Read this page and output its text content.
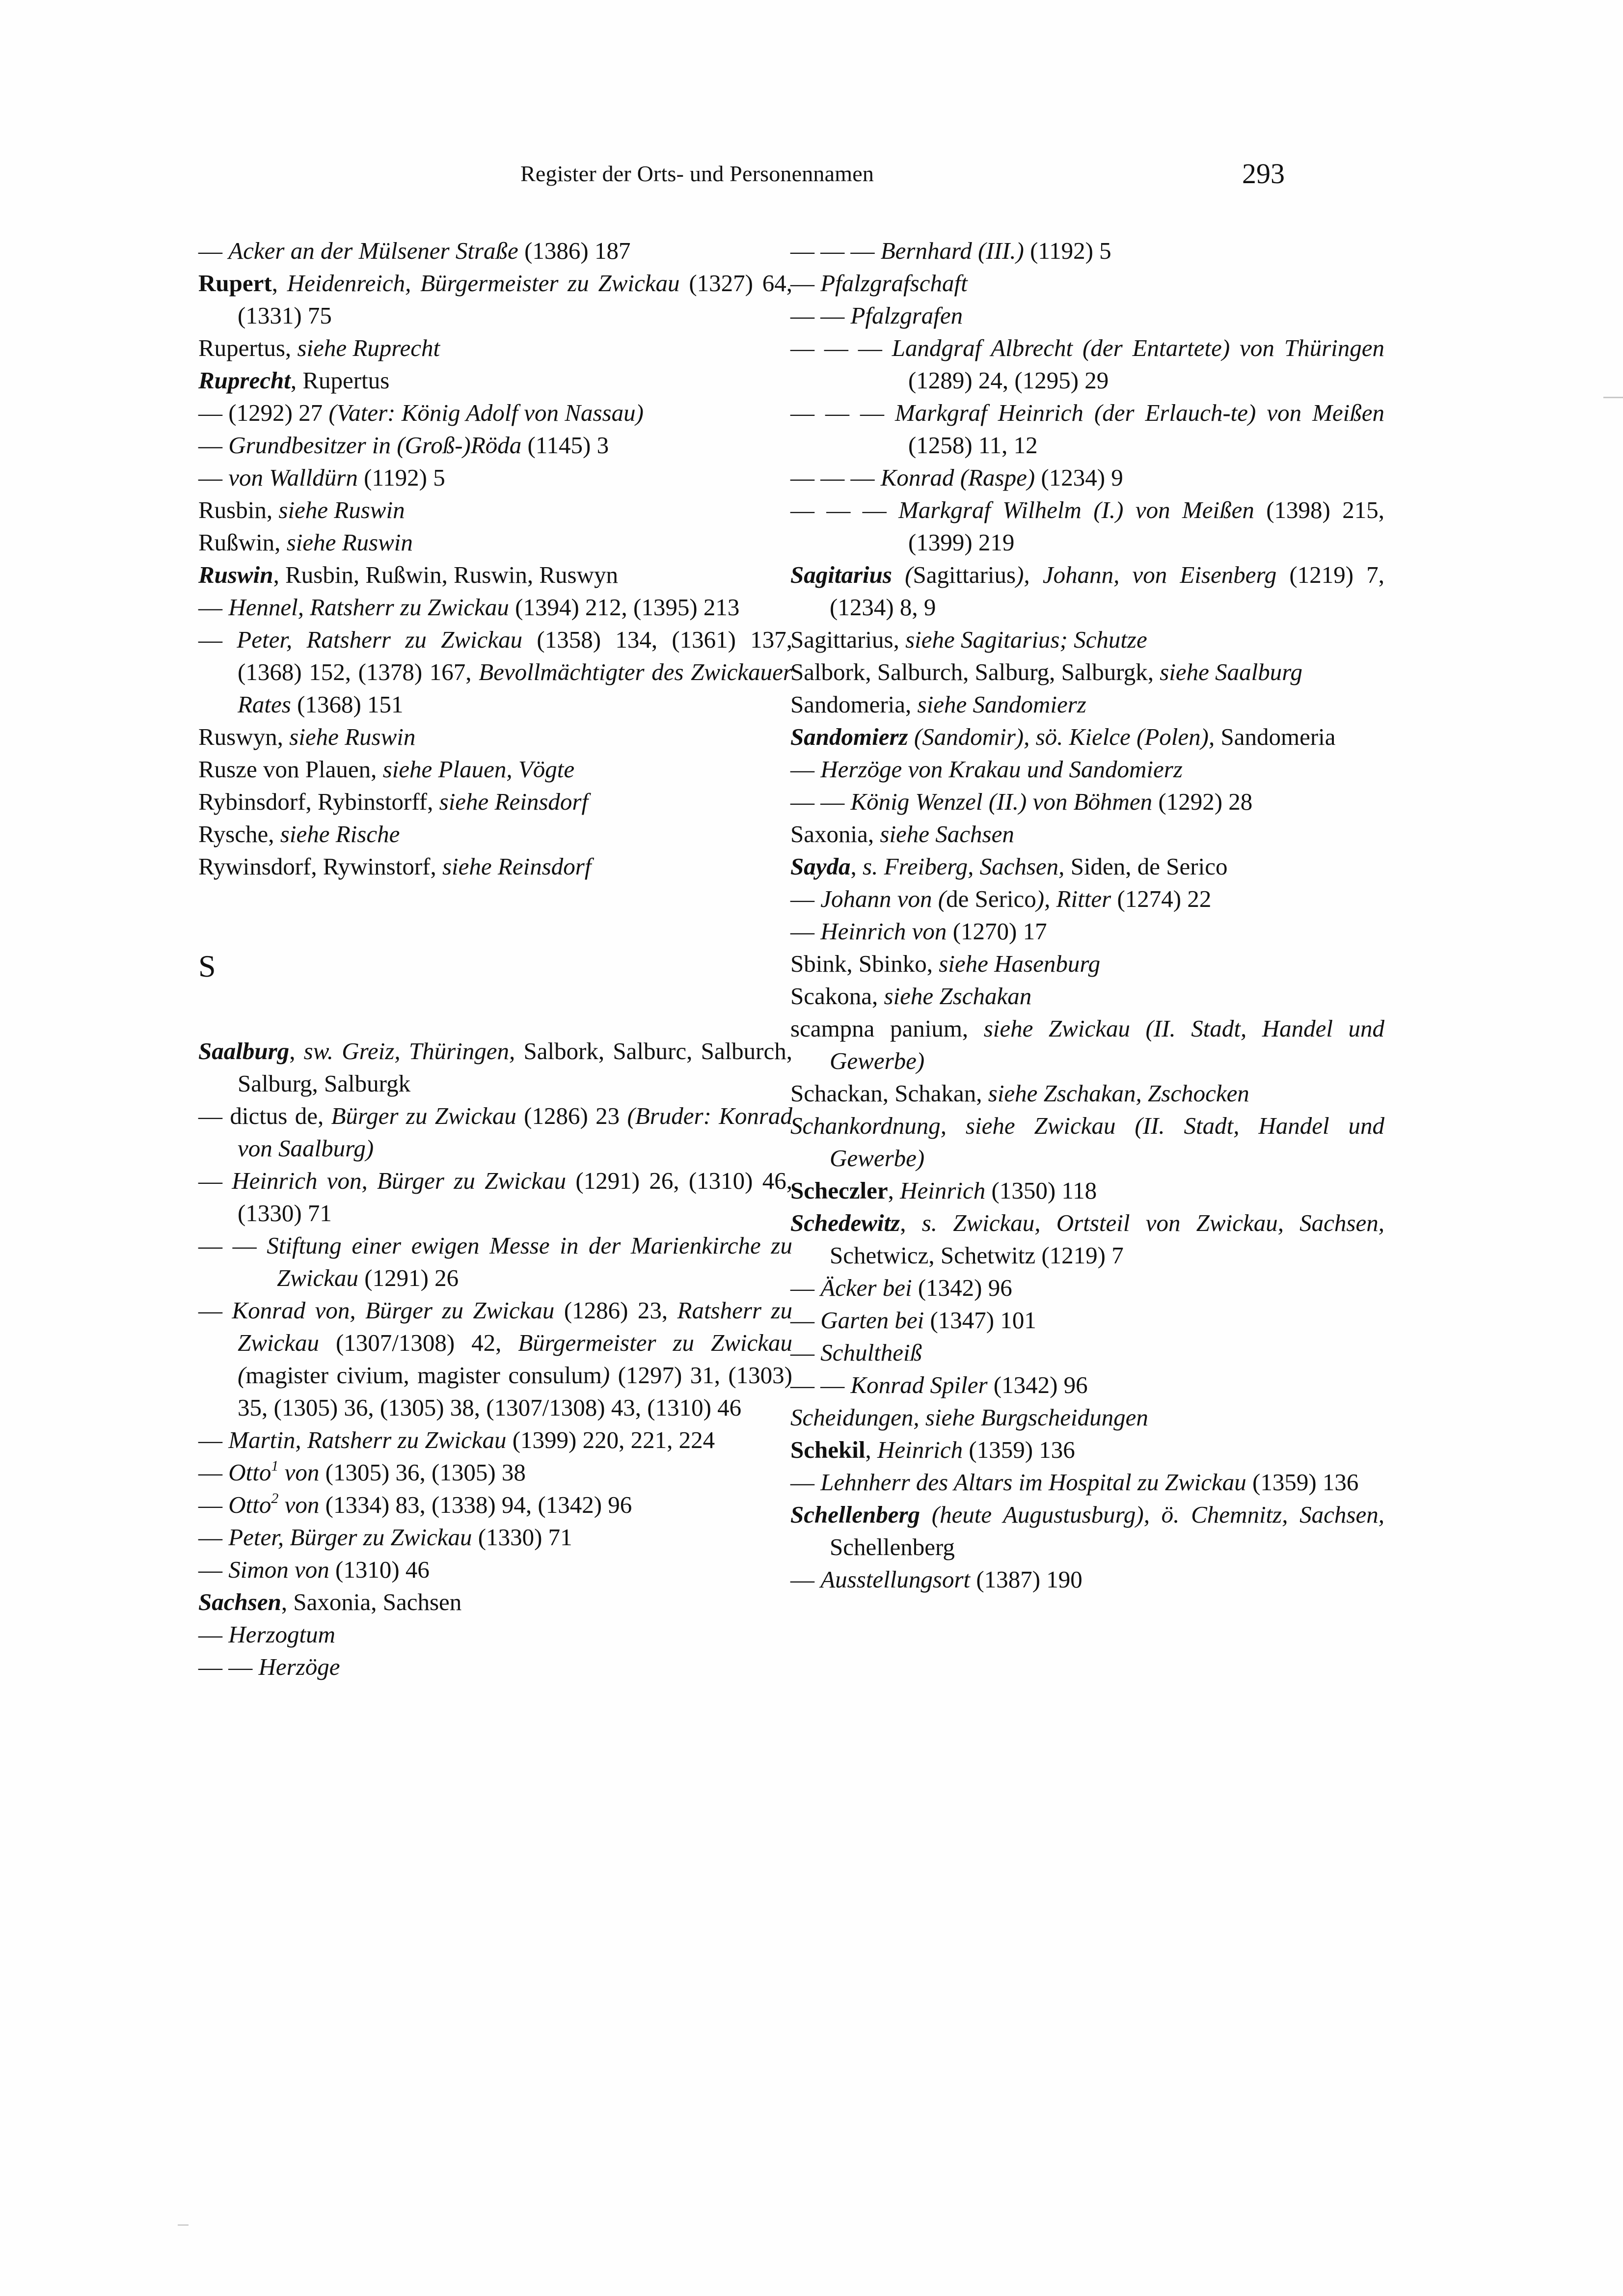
Register der Orts- und Personennamen	293

— Acker an der Mülsener Straße (1386) 187

Rupert, Heidenreich, Bürgermeister zu Zwickau (1327) 64, (1331) 75

Rupertus, siehe Ruprecht

Ruprecht, Rupertus

— (1292) 27 (Vater: König Adolf von Nassau)

— Grundbesitzer in (Groß-)Röda (1145) 3

— von Walldürn (1192) 5

Rusbin, siehe Ruswin

Rußwin, siehe Ruswin

Ruswin, Rusbin, Rußwin, Ruswin, Ruswyn

— Hennel, Ratsherr zu Zwickau (1394) 212, (1395) 213

— Peter, Ratsherr zu Zwickau (1358) 134, (1361) 137, (1368) 152, (1378) 167, Bevollmächtigter des Zwickauer Rates (1368) 151

Ruswyn, siehe Ruswin

Rusze von Plauen, siehe Plauen, Vögte

Rybinsdorf, Rybinstorff, siehe Reinsdorf

Rysche, siehe Rische

Rywinsdorf, Rywinstorf, siehe Reinsdorf

S

Saalburg, sw. Greiz, Thüringen, Salbork, Salburc, Salburch, Salburg, Salburgk

— dictus de, Bürger zu Zwickau (1286) 23 (Bruder: Konrad von Saalburg)

— Heinrich von, Bürger zu Zwickau (1291) 26, (1310) 46, (1330) 71

— — Stiftung einer ewigen Messe in der Marienkirche zu Zwickau (1291) 26

— Konrad von, Bürger zu Zwickau (1286) 23, Ratsherr zu Zwickau (1307/1308) 42, Bürgermeister zu Zwickau (magister civium, magister consulum) (1297) 31, (1303) 35, (1305) 36, (1305) 38, (1307/1308) 43, (1310) 46

— Martin, Ratsherr zu Zwickau (1399) 220, 221, 224

— Otto$^1$ von (1305) 36, (1305) 38

— Otto$^2$ von (1334) 83, (1338) 94, (1342) 96

— Peter, Bürger zu Zwickau (1330) 71

— Simon von (1310) 46

Sachsen, Saxonia, Sachsen

— Herzogtum

— — Herzöge

— — — Bernhard (III.) (1192) 5

— Pfalzgrafschaft

— — Pfalzgrafen

— — — Landgraf Albrecht (der Entartete) von Thüringen (1289) 24, (1295) 29

— — — Markgraf Heinrich (der Erlauch-te) von Meißen (1258) 11, 12

— — — Konrad (Raspe) (1234) 9

— — — Markgraf Wilhelm (I.) von Meißen (1398) 215, (1399) 219

Sagitarius (Sagittarius), Johann, von Eisenberg (1219) 7, (1234) 8, 9

Sagittarius, siehe Sagitarius; Schutze

Salbork, Salburch, Salburg, Salburgk, siehe Saalburg

Sandomeria, siehe Sandomierz

Sandomierz (Sandomir), sö. Kielce (Polen), Sandomeria

— Herzöge von Krakau und Sandomierz

— — König Wenzel (II.) von Böhmen (1292) 28

Saxonia, siehe Sachsen

Sayda, s. Freiberg, Sachsen, Siden, de Serico

— Johann von (de Serico), Ritter (1274) 22

— Heinrich von (1270) 17

Sbink, Sbinko, siehe Hasenburg

Scakona, siehe Zschakan

scampna panium, siehe Zwickau (II. Stadt, Handel und Gewerbe)

Schackan, Schakan, siehe Zschakan, Zschocken

Schankordnung, siehe Zwickau (II. Stadt, Handel und Gewerbe)

Scheczler, Heinrich (1350) 118

Schedewitz, s. Zwickau, Ortsteil von Zwickau, Sachsen, Schetwicz, Schetwitz (1219) 7

— Äcker bei (1342) 96

— Garten bei (1347) 101

— Schultheiß

— — Konrad Spiler (1342) 96

Scheidungen, siehe Burgscheidungen

Schekil, Heinrich (1359) 136

— Lehnherr des Altars im Hospital zu Zwickau (1359) 136

Schellenberg (heute Augustusburg), ö. Chemnitz, Sachsen, Schellenberg

— Ausstellungsort (1387) 190
